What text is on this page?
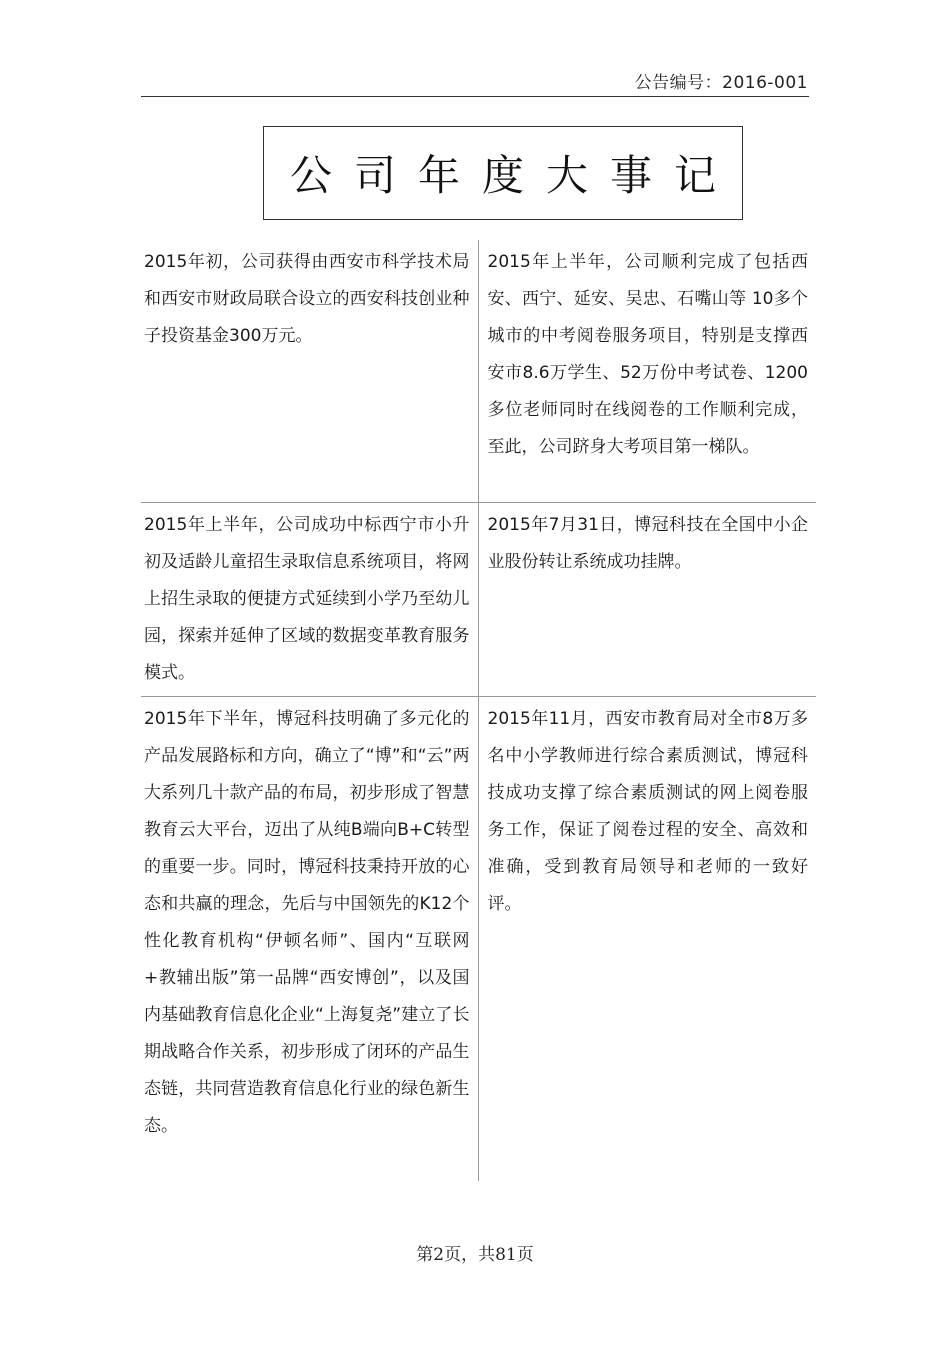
公告编号：2016-001
公司年度大事记
2015年初，公司获得由西安市科学技术局和西安市财政局联合设立的西安科技创业种子投资基金300万元。
2015年上半年，公司顺利完成了包括西安、西宁、延安、吴忠、石嘴山等 10多个城市的中考阅卷服务项目，特别是支撑西安市8.6万学生、52万份中考试卷、1200多位老师同时在线阅卷的工作顺利完成，至此，公司跻身大考项目第一梯队。
2015年上半年，公司成功中标西宁市小升初及适龄儿童招生录取信息系统项目，将网上招生录取的便捷方式延续到小学乃至幼儿园，探索并延伸了区域的数据变革教育服务模式。
2015年7月31日，博冠科技在全国中小企业股份转让系统成功挂牌。
2015年下半年，博冠科技明确了多元化的产品发展路标和方向，确立了“博”和“云”两大系列几十款产品的布局，初步形成了智慧教育云大平台，迈出了从纯B端向B+C转型的重要一步。同时，博冠科技秉持开放的心态和共赢的理念，先后与中国领先的K12个性化教育机构“伊顿名师”、国内“互联网+教辅出版”第一品牌“西安博创”，以及国内基础教育信息化企业“上海复尧”建立了长期战略合作关系，初步形成了闭环的产品生态链，共同营造教育信息化行业的绿色新生态。
2015年11月，西安市教育局对全市8万多名中小学教师进行综合素质测试，博冠科技成功支撑了综合素质测试的网上阅卷服务工作，保证了阅卷过程的安全、高效和准确，受到教育局领导和老师的一致好评。
第2页，共81页
